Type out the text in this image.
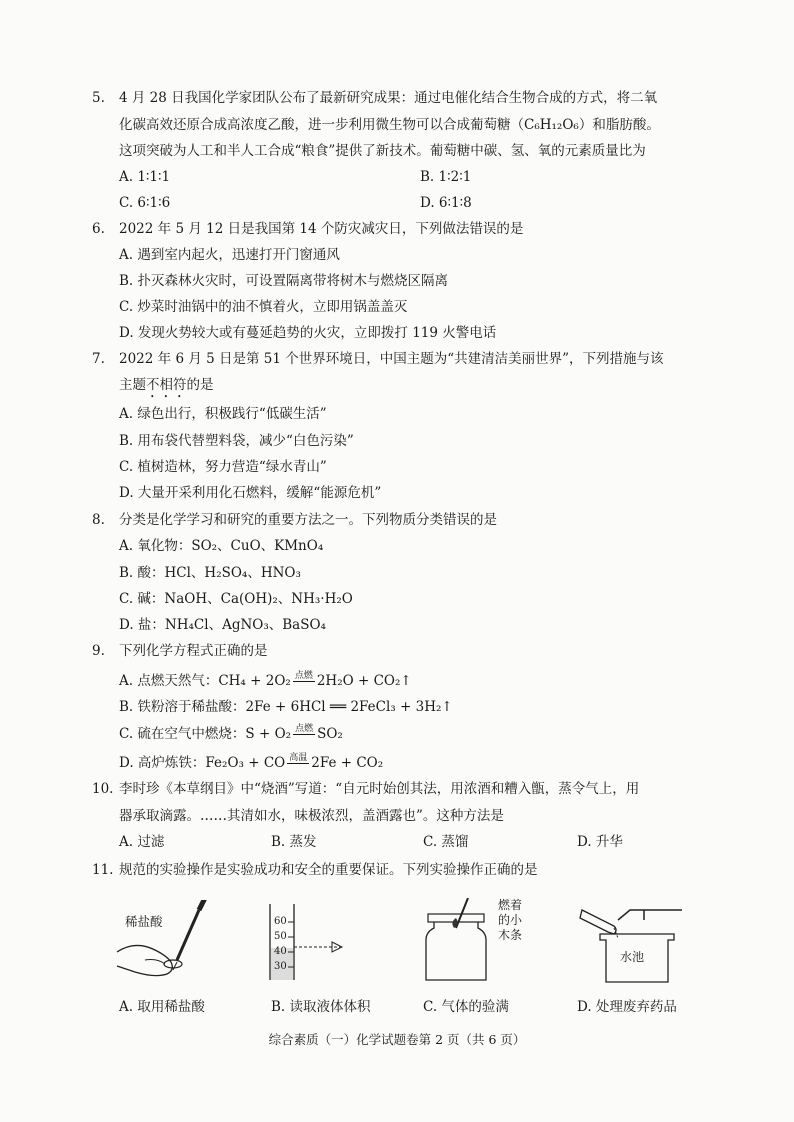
5. 4 月 28 日我国化学家团队公布了最新研究成果：通过电催化结合生物合成的方式，将二氧
化碳高效还原合成高浓度乙酸，进一步利用微生物可以合成葡萄糖（C₆H₁₂O₆）和脂肪酸。
这项突破为人工和半人工合成“粮食”提供了新技术。葡萄糖中碳、氢、氧的元素质量比为
A. 1∶1∶1	B. 1∶2∶1
C. 6∶1∶6	D. 6∶1∶8
6. 2022 年 5 月 12 日是我国第 14 个防灾减灾日，下列做法错误的是
A. 遇到室内起火，迅速打开门窗通风
B. 扑灭森林火灾时，可设置隔离带将树木与燃烧区隔离
C. 炒菜时油锅中的油不慎着火，立即用锅盖盖灭
D. 发现火势较大或有蔓延趋势的火灾，立即拨打 119 火警电话
7. 2022 年 6 月 5 日是第 51 个世界环境日，中国主题为“共建清洁美丽世界”，下列措施与该
主题不相符的是
A. 绿色出行，积极践行“低碳生活”
B. 用布袋代替塑料袋，减少“白色污染”
C. 植树造林，努力营造“绿水青山”
D. 大量开采利用化石燃料，缓解“能源危机”
8. 分类是化学学习和研究的重要方法之一。下列物质分类错误的是
A. 氧化物：SO₂、CuO、KMnO₄
B. 酸：HCl、H₂SO₄、HNO₃
C. 碱：NaOH、Ca(OH)₂、NH₃·H₂O
D. 盐：NH₄Cl、AgNO₃、BaSO₄
9. 下列化学方程式正确的是
A. 点燃天然气：CH₄ + 2O₂ 点燃 2H₂O + CO₂↑
B. 铁粉溶于稀盐酸：2Fe + 6HCl ══ 2FeCl₃ + 3H₂↑
C. 硫在空气中燃烧：S + O₂ 点燃 SO₂
D. 高炉炼铁：Fe₂O₃ + CO 高温 2Fe + CO₂
10. 李时珍《本草纲目》中“烧酒”写道：“自元时始创其法，用浓酒和糟入甑，蒸令气上，用
器承取滴露。……其清如水，味极浓烈，盖酒露也”。这种方法是
A. 过滤	B. 蒸发	C. 蒸馏	D. 升华
11. 规范的实验操作是实验成功和安全的重要保证。下列实验操作正确的是
稀盐酸	60
50
40
30
燃着
的小
木条
水池
A. 取用稀盐酸	B. 读取液体体积	C. 气体的验满	D. 处理废弃药品
综合素质（一）化学试题卷第 2 页（共 6 页）
